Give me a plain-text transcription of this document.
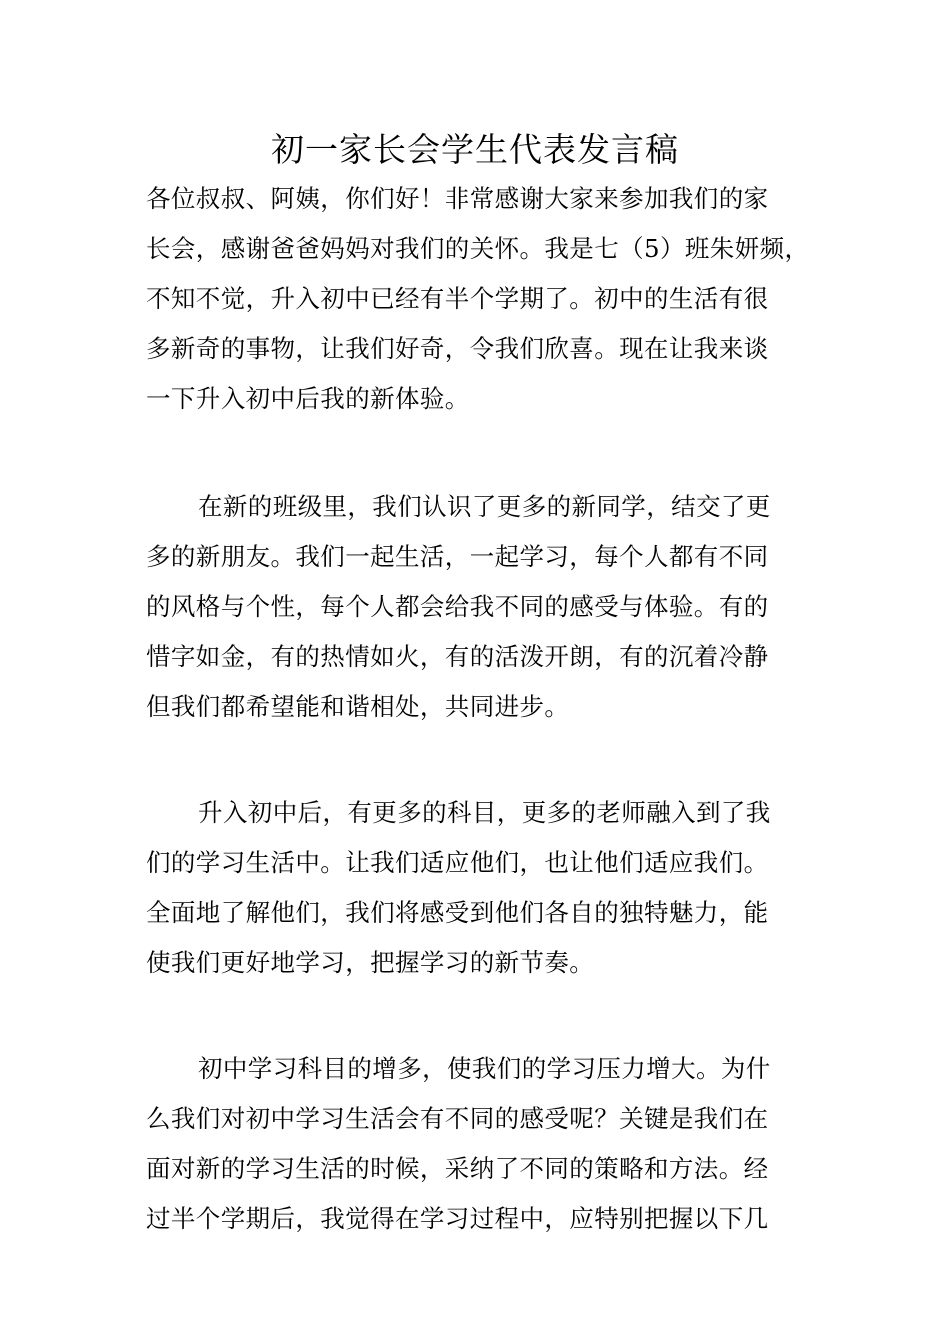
初一家长会学生代表发言稿
各位叔叔、阿姨，你们好！非常感谢大家来参加我们的家
长会，感谢爸爸妈妈对我们的关怀。我是七（5）班朱妍频，
不知不觉，升入初中已经有半个学期了。初中的生活有很
多新奇的事物，让我们好奇，令我们欣喜。现在让我来谈
一下升入初中后我的新体验。
在新的班级里，我们认识了更多的新同学，结交了更
多的新朋友。我们一起生活，一起学习，每个人都有不同
的风格与个性，每个人都会给我不同的感受与体验。有的
惜字如金，有的热情如火，有的活泼开朗，有的沉着冷静
但我们都希望能和谐相处，共同进步。
升入初中后，有更多的科目，更多的老师融入到了我
们的学习生活中。让我们适应他们，也让他们适应我们。
全面地了解他们，我们将感受到他们各自的独特魅力，能
使我们更好地学习，把握学习的新节奏。
初中学习科目的增多，使我们的学习压力增大。为什
么我们对初中学习生活会有不同的感受呢？关键是我们在
面对新的学习生活的时候，采纳了不同的策略和方法。经
过半个学期后，我觉得在学习过程中，应特别把握以下几
